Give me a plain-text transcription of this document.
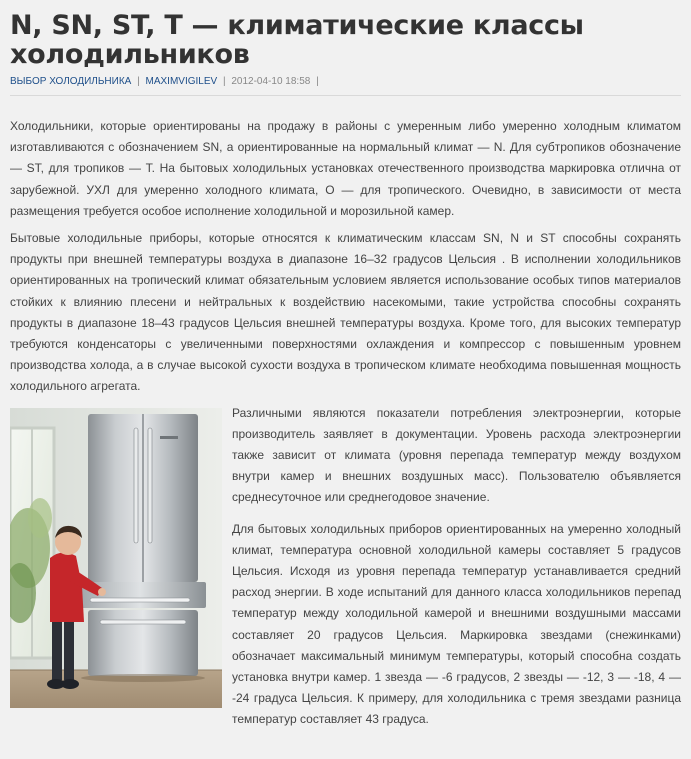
N, SN, ST, T — климатические классы холодильников
ВЫБОР ХОЛОДИЛЬНИКА | MAXIMVIGILEV | 2012-04-10 18:58 |

Холодильники, которые ориентированы на продажу в районы с умеренным либо умеренно холодным климатом изготавливаются с обозначением SN, а ориентированные на нормальный климат — N. Для субтропиков обозначение — ST, для тропиков — T. На бытовых холодильных установках отечественного производства маркировка отлична от зарубежной. УХЛ для умеренно холодного климата, О — для тропического. Очевидно, в зависимости от места размещения требуется особое исполнение холодильной и морозильной камер.

Бытовые холодильные приборы, которые относятся к климатическим классам SN, N и ST способны сохранять продукты при внешней температуры воздуха в диапазоне 16–32 градусов Цельсия . В исполнении холодильников ориентированных на тропический климат обязательным условием является использование особых типов материалов стойких к влиянию плесени и нейтральных к воздействию насекомыми, такие устройства способны сохранять продукты в диапазоне 18–43 градусов Цельсия внешней температуры воздуха. Кроме того, для высоких температур требуются конденсаторы с увеличенными поверхностями охлаждения и компрессор с повышенным уровнем производства холода, а в случае высокой сухости воздуха в тропическом климате необходима повышенная мощность холодильного агрегата.

Различными являются показатели потребления электроэнергии, которые производитель заявляет в документации. Уровень расхода электроэнергии также зависит от климата (уровня перепада температур между воздухом внутри камер и внешних воздушных масс). Пользователю объявляется среднесуточное или среднегодовое значение.

Для бытовых холодильных приборов ориентированных на умеренно холодный климат, температура основной холодильной камеры составляет 5 градусов Цельсия. Исходя из уровня перепада температур устанавливается средний расход энергии. В ходе испытаний для данного класса холодильников перепад температур между холодильной камерой и внешними воздушными массами составляет 20 градусов Цельсия. Маркировка звездами (снежинками) обозначает максимальный минимум температуры, который способна создать установка внутри камер. 1 звезда — -6 градусов, 2 звезды — -12, 3 — -18, 4 — -24 градуса Цельсия. К примеру, для холодильника с тремя звездами разница температур составляет 43 градуса.
